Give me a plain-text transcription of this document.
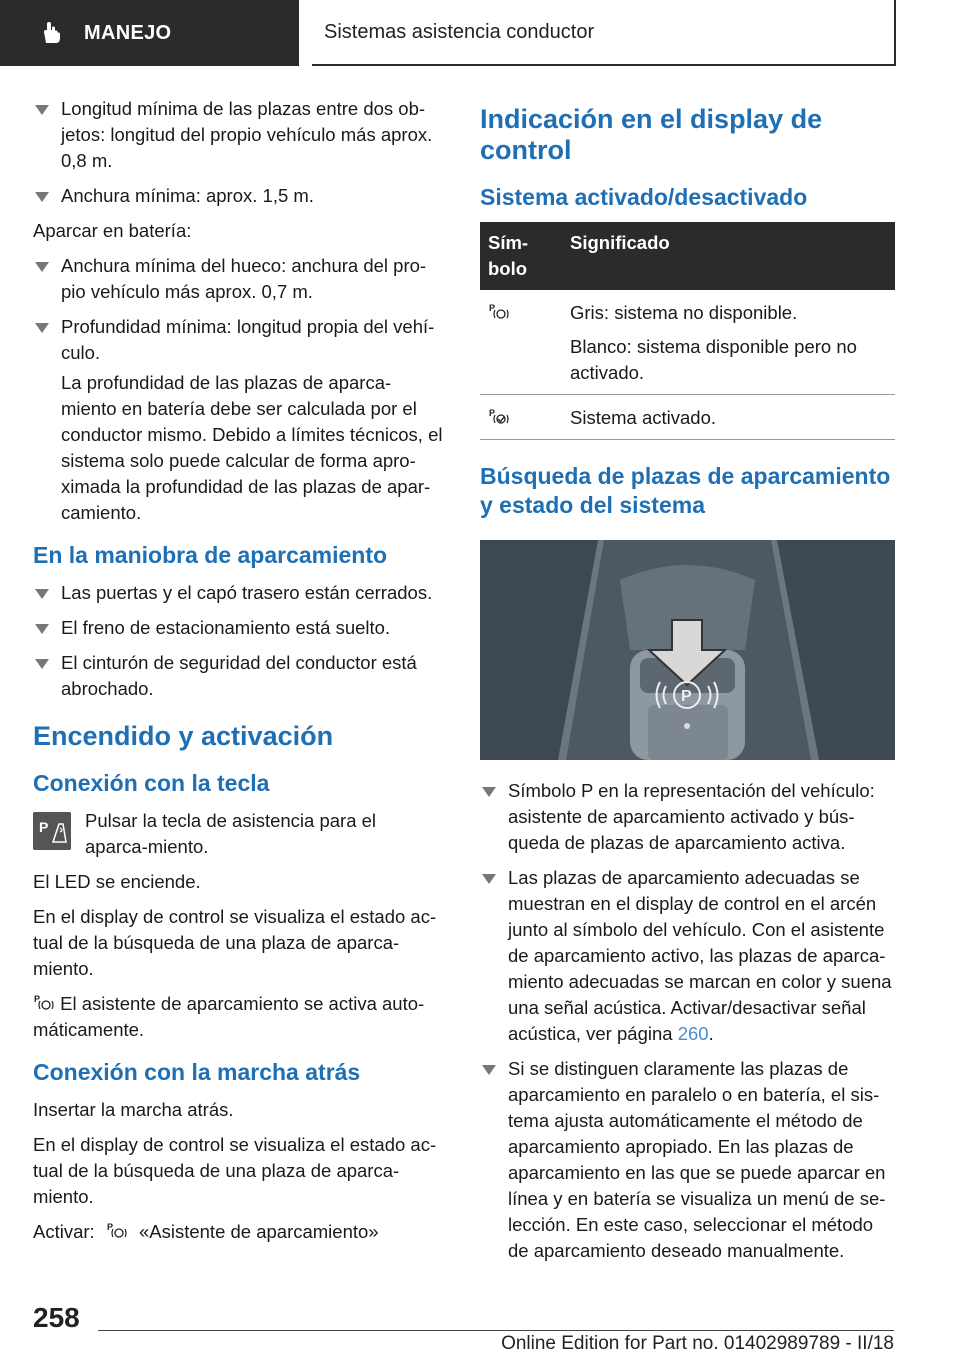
MANEJO	Sistemas asistencia conductor
Longitud mínima de las plazas entre dos ob-jetos: longitud del propio vehículo más aprox. 0,8 m.
Anchura mínima: aprox. 1,5 m.

Aparcar en batería:

Anchura mínima del hueco: anchura del pro-pio vehículo más aprox. 0,7 m.
Profundidad mínima: longitud propia del vehí-culo.

La profundidad de las plazas de aparca-miento en batería debe ser calculada por el conductor mismo. Debido a límites técnicos, el sistema solo puede calcular de forma apro-ximada la profundidad de las plazas de apar-camiento.

En la maniobra de aparcamiento
Las puertas y el capó trasero están cerrados.
El freno de estacionamiento está suelto.
El cinturón de seguridad del conductor está abrochado.
Encendido y activación
Conexión con la tecla
P Pulsar la tecla de asistencia para el aparca-miento.

El LED se enciende.

En el display de control se visualiza el estado ac-tual de la búsqueda de una plaza de aparca-miento.

P El asistente de aparcamiento se activa auto-máticamente.

Conexión con la marcha atrás

Insertar la marcha atrás.

En el display de control se visualiza el estado ac-tual de la búsqueda de una plaza de aparca-miento.

Activar: P «Asistente de aparcamiento»

Indicación en el display de control
Sistema activado/desactivado
Sím-bolo	Significado

P	Gris: sistema no disponible.

Blanco: sistema disponible pero no activado.

P	Sistema activado.

Búsqueda de plazas de aparcamiento y estado del sistema
P
Símbolo P en la representación del vehículo: asistente de aparcamiento activado y bús-queda de plazas de aparcamiento activa.
Las plazas de aparcamiento adecuadas se muestran en el display de control en el arcén junto al símbolo del vehículo. Con el asistente de aparcamiento activo, las plazas de aparca-miento adecuadas se marcan en color y suena una señal acústica. Activar/desactivar señal acústica, ver página 260.
Si se distinguen claramente las plazas de aparcamiento en paralelo o en batería, el sis-tema ajusta automáticamente el método de aparcamiento apropiado. En las plazas de aparcamiento en las que se puede aparcar en línea y en batería se visualiza un menú de se-lección. En este caso, seleccionar el método de aparcamiento deseado manualmente.
258
Online Edition for Part no. 01402989789 - II/18
